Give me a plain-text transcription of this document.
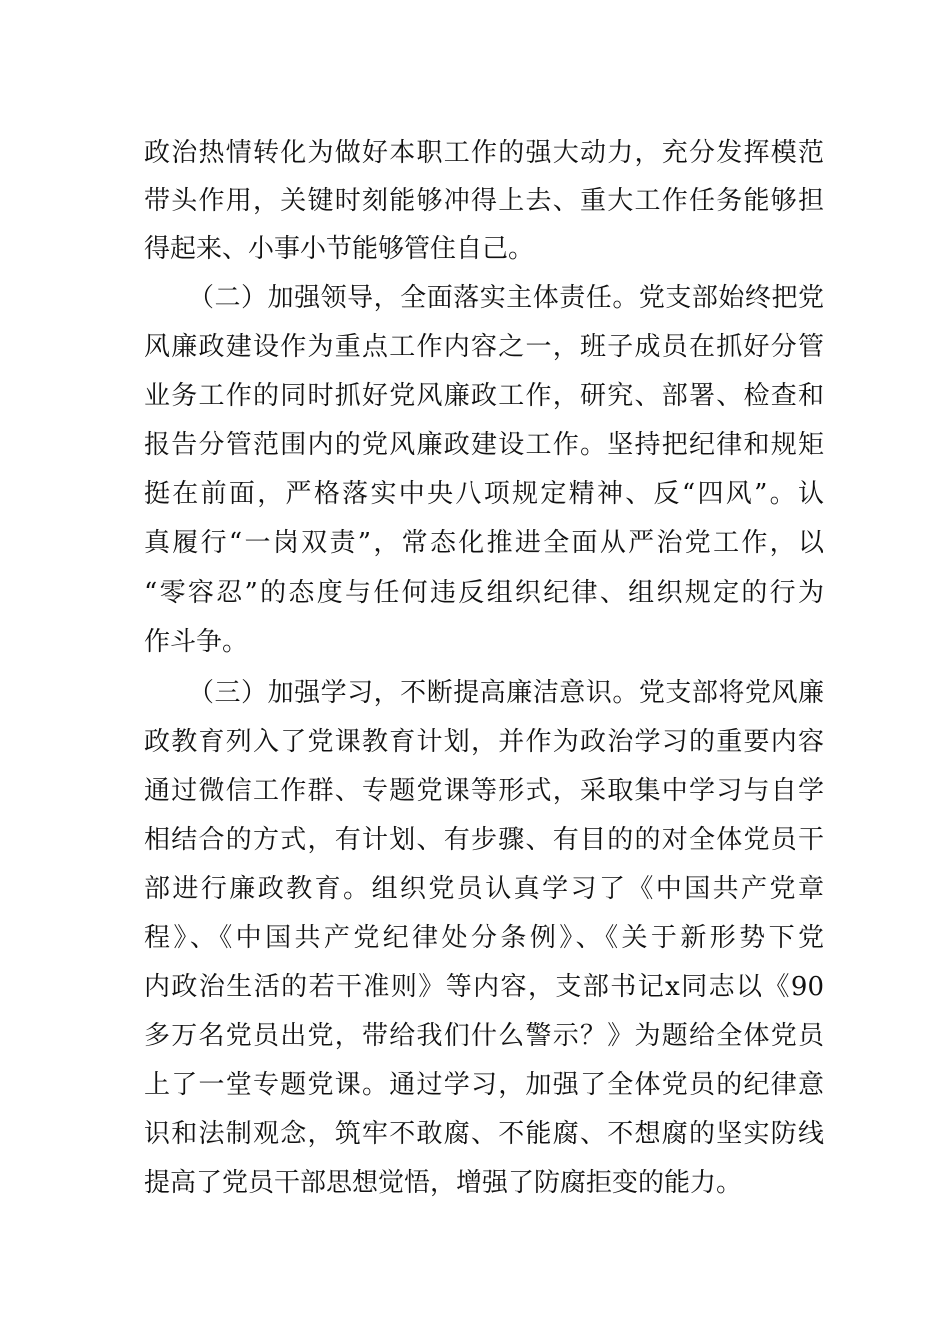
政治热情转化为做好本职工作的强大动力，充分发挥模范
带头作用，关键时刻能够冲得上去、重大工作任务能够担
得起来、小事小节能够管住自己。
（二）加强领导，全面落实主体责任。党支部始终把党
风廉政建设作为重点工作内容之一，班子成员在抓好分管
业务工作的同时抓好党风廉政工作，研究、部署、检查和
报告分管范围内的党风廉政建设工作。坚持把纪律和规矩
挺在前面，严格落实中央八项规定精神、反“四风”。认
真履行“一岗双责”，常态化推进全面从严治党工作，以
“零容忍”的态度与任何违反组织纪律、组织规定的行为
作斗争。
（三）加强学习，不断提高廉洁意识。党支部将党风廉
政教育列入了党课教育计划，并作为政治学习的重要内容
通过微信工作群、专题党课等形式，采取集中学习与自学
相结合的方式，有计划、有步骤、有目的的对全体党员干
部进行廉政教育。组织党员认真学习了《中国共产党章
程》、《中国共产党纪律处分条例》、《关于新形势下党
内政治生活的若干准则》等内容，支部书记x同志以《90
多万名党员出党，带给我们什么警示？》为题给全体党员
上了一堂专题党课。通过学习，加强了全体党员的纪律意
识和法制观念，筑牢不敢腐、不能腐、不想腐的坚实防线
提高了党员干部思想觉悟，增强了防腐拒变的能力。
